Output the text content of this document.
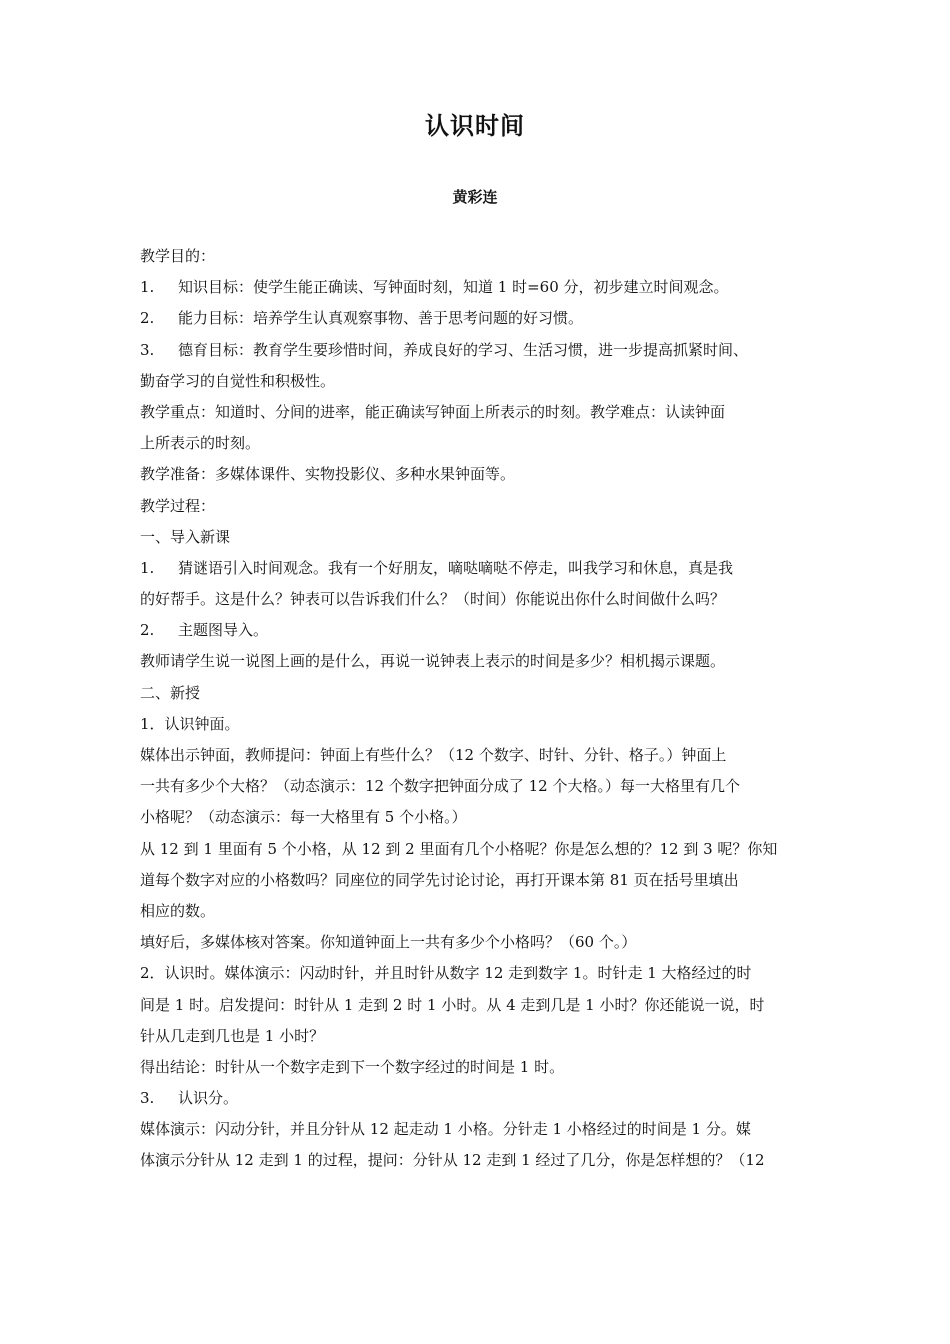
认识时间
黄彩连
教学目的：
1. 知识目标：使学生能正确读、写钟面时刻，知道 1 时=60 分，初步建立时间观念。
2. 能力目标：培养学生认真观察事物、善于思考问题的好习惯。
3. 德育目标：教育学生要珍惜时间，养成良好的学习、生活习惯，进一步提高抓紧时间、
勤奋学习的自觉性和积极性。
教学重点：知道时、分间的进率，能正确读写钟面上所表示的时刻。教学难点：认读钟面
上所表示的时刻。
教学准备：多媒体课件、实物投影仪、多种水果钟面等。
教学过程：
一、导入新课
1. 猜谜语引入时间观念。我有一个好朋友，嘀哒嘀哒不停走，叫我学习和休息，真是我
的好帮手。这是什么？钟表可以告诉我们什么？（时间）你能说出你什么时间做什么吗？
2. 主题图导入。
教师请学生说一说图上画的是什么，再说一说钟表上表示的时间是多少？相机揭示课题。
二、新授
1．认识钟面。
媒体出示钟面，教师提问：钟面上有些什么？（12 个数字、时针、分针、格子。）钟面上
一共有多少个大格？（动态演示：12 个数字把钟面分成了 12 个大格。）每一大格里有几个
小格呢？（动态演示：每一大格里有 5 个小格。）
从 12 到 1 里面有 5 个小格，从 12 到 2 里面有几个小格呢？你是怎么想的？12 到 3 呢？你知
道每个数字对应的小格数吗？同座位的同学先讨论讨论，再打开课本第 81 页在括号里填出
相应的数。
填好后，多媒体核对答案。你知道钟面上一共有多少个小格吗？（60 个。）
2．认识时。媒体演示：闪动时针，并且时针从数字 12 走到数字 1。时针走 1 大格经过的时
间是 1 时。启发提问：时针从 1 走到 2 时 1 小时。从 4 走到几是 1 小时？你还能说一说，时
针从几走到几也是 1 小时？
得出结论：时针从一个数字走到下一个数字经过的时间是 1 时。
3. 认识分。
媒体演示：闪动分针，并且分针从 12 起走动 1 小格。分针走 1 小格经过的时间是 1 分。媒
体演示分针从 12 走到 1 的过程，提问：分针从 12 走到 1 经过了几分，你是怎样想的？（12
